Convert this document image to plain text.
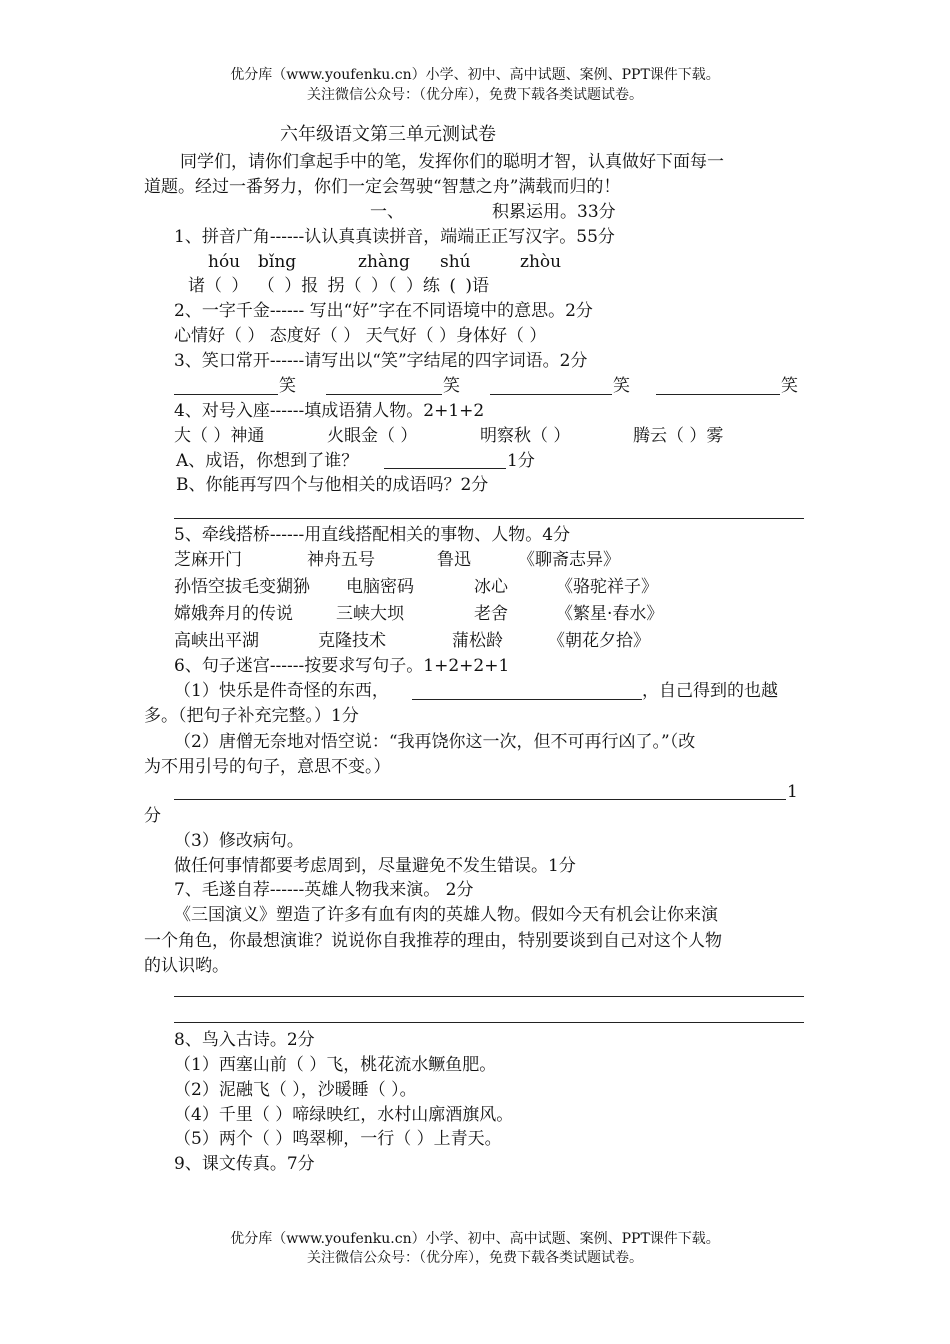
优分库（www.youfenku.cn）小学、初中、高中试题、案例、PPT课件下载。
关注微信公众号：（优分库），免费下载各类试题试卷。
六年级语文第三单元测试卷
同学们，请你们拿起手中的笔，发挥你们的聪明才智，认真做好下面每一
道题。经过一番努力，你们一定会驾驶“智慧之舟”满载而归的！
一、	积累运用。33分
1、拼音广角------认认真真读拼音，端端正正写汉字。55分
hóu bǐng	zhàng shú	zhòu
诸（ ） （ ）报 拐（ ）（ ）练 ( )语
2、一字千金------ 写出“好”字在不同语境中的意思。2分
心情好（ ） 态度好（ ） 天气好（ ）身体好（ ）
3、笑口常开------请写出以“笑”字结尾的四字词语。2分
笑	笑	笑	笑
4、对号入座------填成语猜人物。2+1+2
大（ ）神通	火眼金（ ）	明察秋（ ）	腾云（ ）雾
A、成语，你想到了谁？	1分
B、你能再写四个与他相关的成语吗？2分
5、牵线搭桥------用直线搭配相关的事物、人物。4分
芝麻开门	神舟五号	鲁迅	《聊斋志异》
孙悟空拔毛变猢狲 电脑密码	冰心	《骆驼祥子》
嫦娥奔月的传说	三峡大坝	老舍	《繁星·春水》
高峡出平湖	克隆技术	蒲松龄	《朝花夕拾》
6、句子迷宫------按要求写句子。1+2+2+1
（1）快乐是件奇怪的东西，	，自己得到的也越
多。（把句子补充完整。）1分
（2）唐僧无奈地对悟空说：“我再饶你这一次，但不可再行凶了。”（改
为不用引号的句子，意思不变。）
1
分
（3）修改病句。
做任何事情都要考虑周到，尽量避免不发生错误。1分
7、毛遂自荐------英雄人物我来演。 2分
《三国演义》塑造了许多有血有肉的英雄人物。假如今天有机会让你来演
一个角色，你最想演谁？说说你自我推荐的理由，特别要谈到自己对这个人物
的认识哟。
8、鸟入古诗。2分
（1）西塞山前（ ）飞，桃花流水鳜鱼肥。
（2）泥融飞（ ），沙暖睡（ ）。
（4）千里（ ）啼绿映红，水村山廓酒旗风。
（5）两个（ ）鸣翠柳，一行（ ）上青天。
9、课文传真。7分
优分库（www.youfenku.cn）小学、初中、高中试题、案例、PPT课件下载。
关注微信公众号：（优分库），免费下载各类试题试卷。
